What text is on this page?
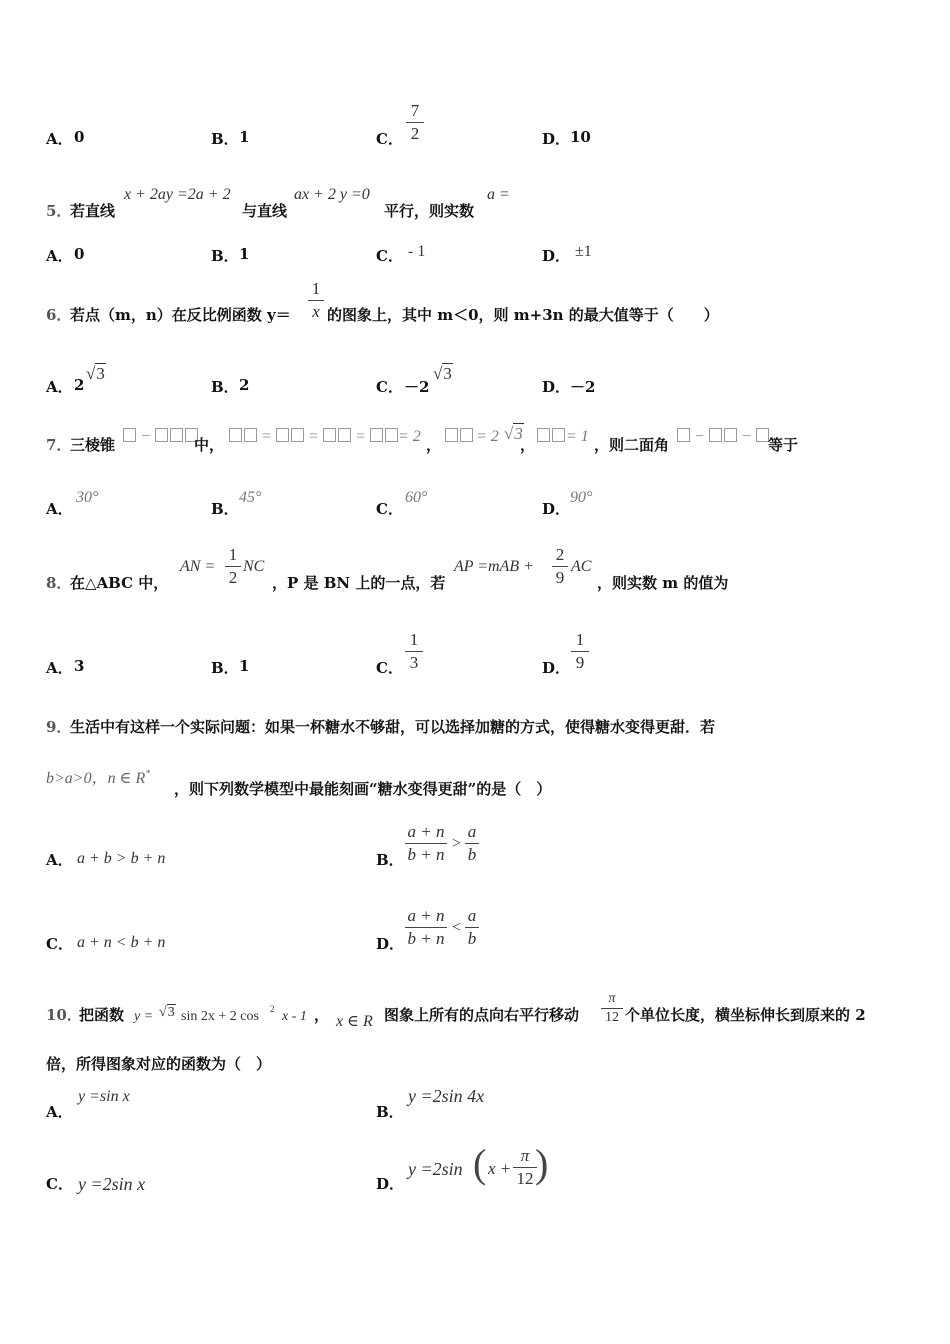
A． 0	B． 1	C．
7
2	D． 10
5．
若直线
x + 2ay =2a + 2
与直线
ax + 2 y =0
平行，则实数
a =
A． 0	B． 1	C． - 1	D． ±1
6．
若点（m，n）在反比例函数 y＝
1
x 的图象上，其中 m＜0，则 m+3n 的最大值等于（　　）
A． 2
√3
B． 2	C． －2
√3
D． －2
7．
三棱锥	−	中，	=  =  =	= 2 ， = 2 √3
， = 1 ，则二面角	−  − 等于
A．
30°
B．
45°
C．
60°
D．
90°
8．
在△ABC 中，
AN =
1
2
NC
，P 是 BN 上的一点，若
AP =mAB +
2
9
AC
，则实数 m 的值为
A． 3	B． 1	C．
1
3	D．
1
9
9．
生活中有这样一个实际问题：如果一杯糖水不够甜，可以选择加糖的方式，使得糖水变得更甜．若
b>a>0，n ∈ R*
，则下列数学模型中最能刻画“糖水变得更甜”的是（　）
A． a + b > b + n	B．
a + n
b + n
>
a
b
C． a + n < b + n	D．
a + n
b + n
<
a
b
10．
把函数 y = √3 sin 2x + 2 cos 2 x - 1 ， x ∈ R 图象上所有的点向右平行移动
π
12 个单位长度，横坐标伸长到原来的 2
倍，所得图象对应的函数为（　）
A．
y =sin x
B．
y =2sin 4x
C． y =2sin x	D．
y =2sin ( x +
π
12 )
